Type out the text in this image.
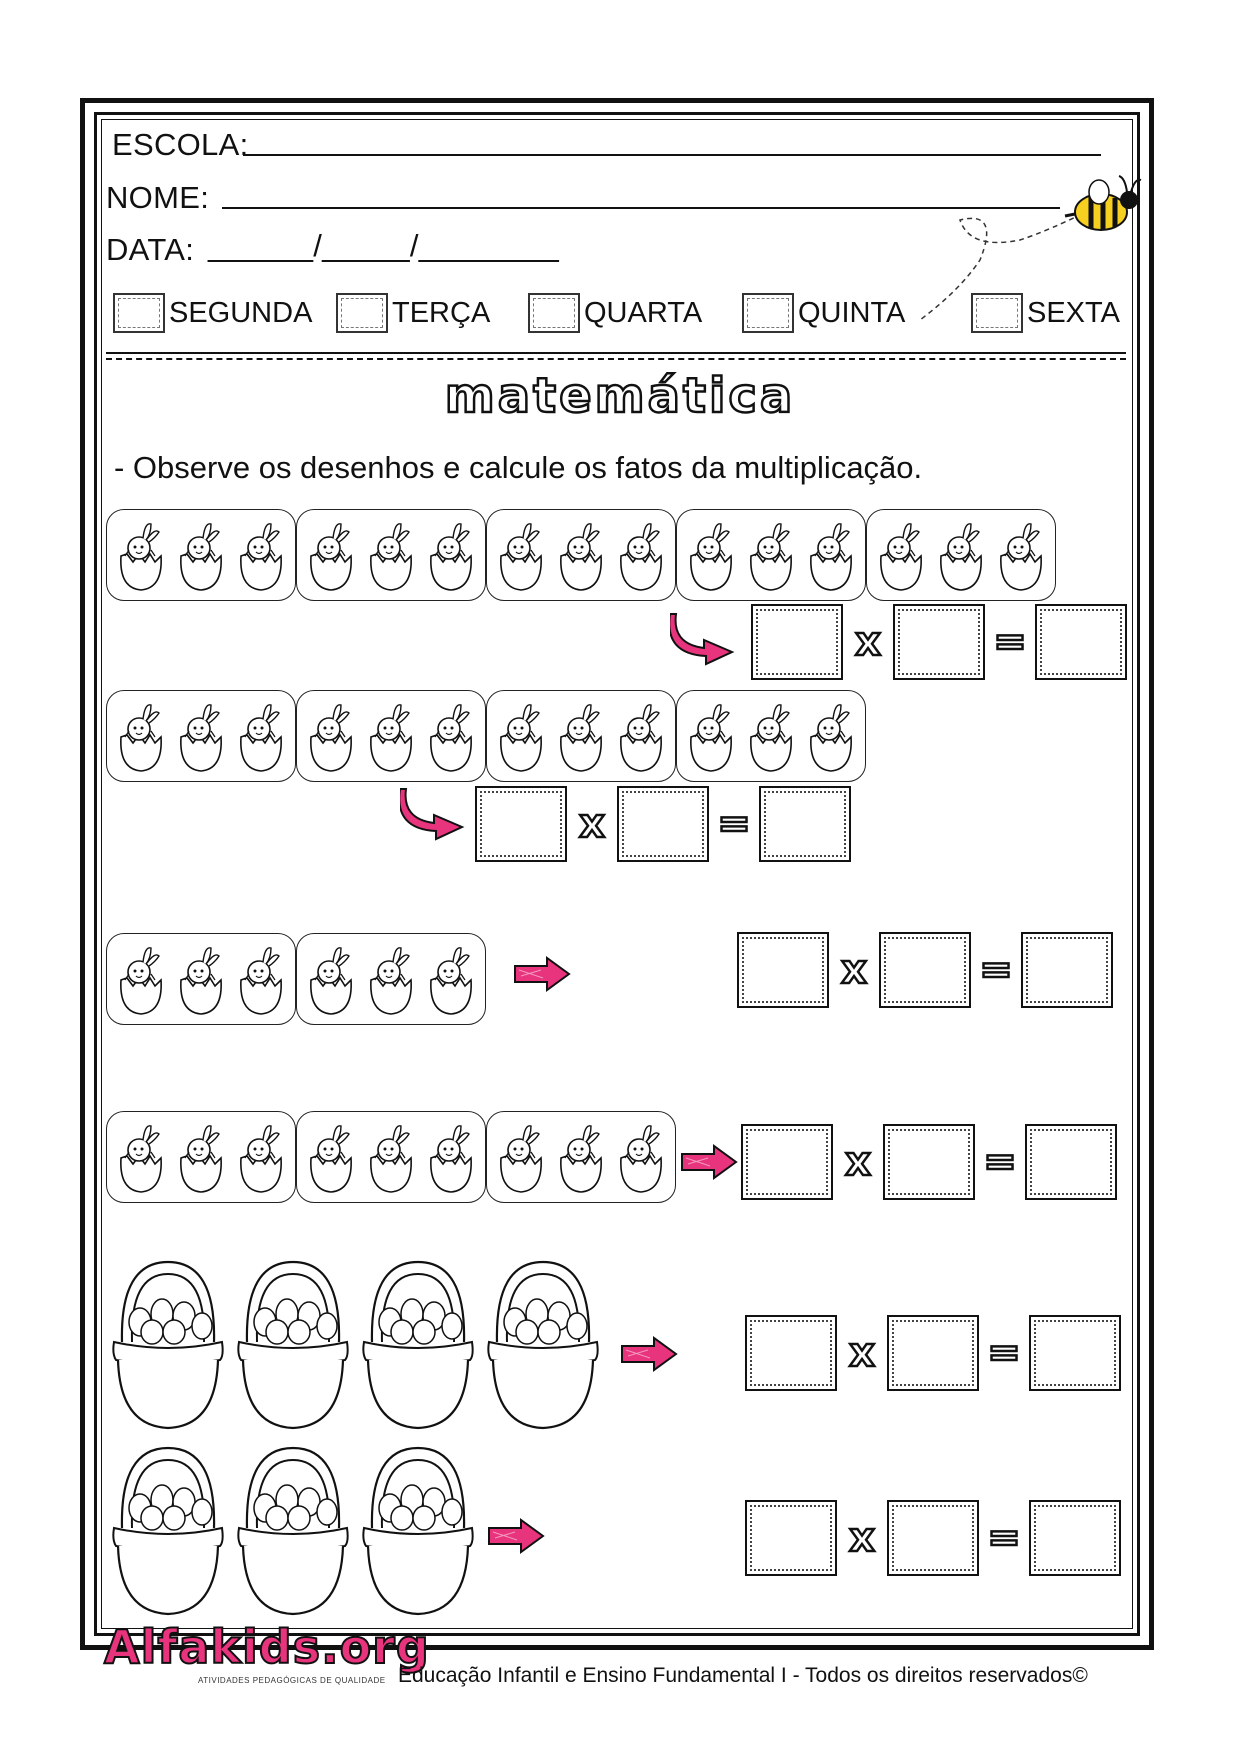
ESCOLA:
NOME:
DATA: ______/_____/________
SEGUNDA	TERÇA	QUARTA	QUINTA	SEXTA
matemática
- Observe os desenhos e calcule os fatos da multiplicação.
x	=
x	=
x	=
x	=
x	=
x	=
Alfakids.org
ATIVIDADES PEDAGÓGICAS DE QUALIDADE Educação Infantil e Ensino Fundamental I - Todos os direitos reservados©
